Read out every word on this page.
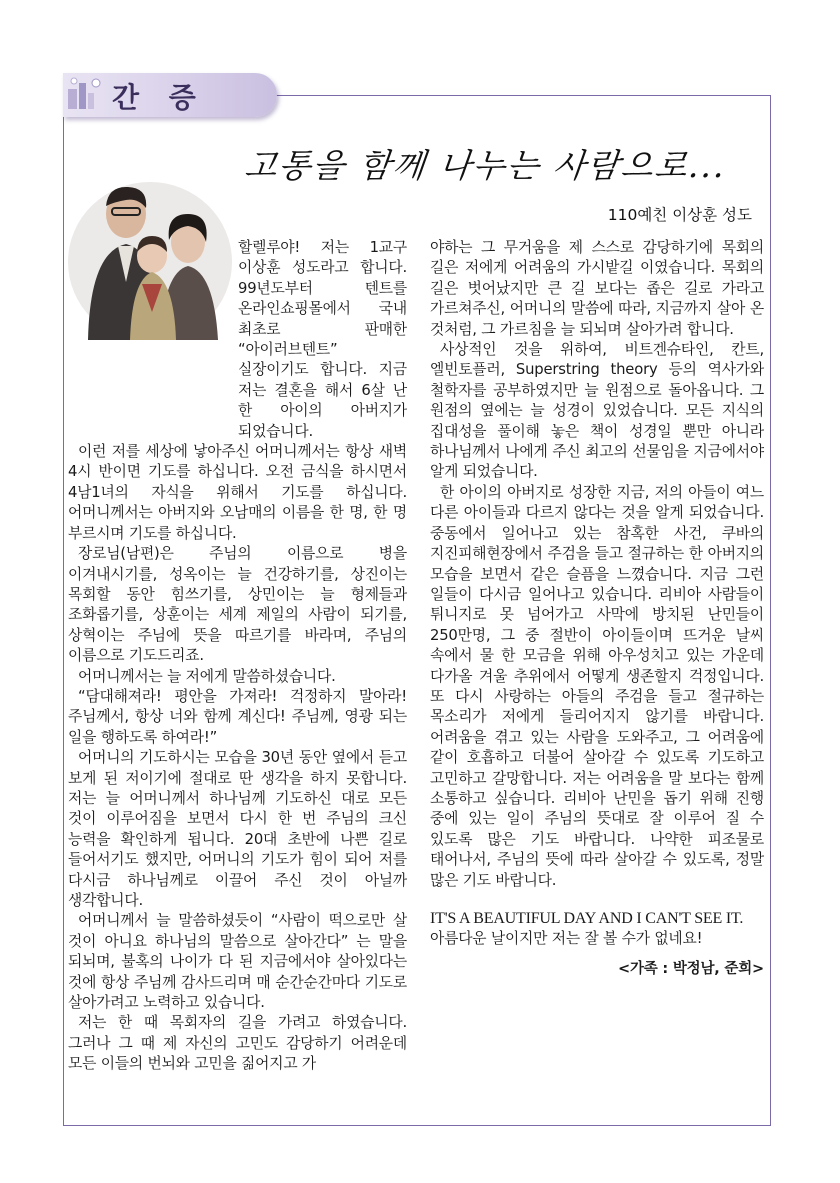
간 증
고통을 함께 나누는 사람으로...
110예친 이상훈 성도

할렐루야! 저는 1교구 이상훈 성도라고 합니다. 99년도부터 텐트를 온라인쇼핑몰에서 국내 최초로 판매한 “아이러브텐트” 실장이기도 합니다. 지금 저는 결혼을 해서 6살 난 한 아이의 아버지가 되었습니다.

이런 저를 세상에 낳아주신 어머니께서는 항상 새벽 4시 반이면 기도를 하십니다. 오전 금식을 하시면서 4남1녀의 자식을 위해서 기도를 하십니다. 어머니께서는 아버지와 오남매의 이름을 한 명, 한 명 부르시며 기도를 하십니다.

장로님(남편)은 주님의 이름으로 병을 이겨내시기를, 성옥이는 늘 건강하기를, 상진이는 목회할 동안 힘쓰기를, 상민이는 늘 형제들과 조화롭기를, 상훈이는 세계 제일의 사람이 되기를, 상혁이는 주님에 뜻을 따르기를 바라며, 주님의 이름으로 기도드리죠.

어머니께서는 늘 저에게 말씀하셨습니다.

“담대해져라! 평안을 가져라! 걱정하지 말아라! 주님께서, 항상 너와 함께 계신다! 주님께, 영광 되는 일을 행하도록 하여라!”

어머니의 기도하시는 모습을 30년 동안 옆에서 듣고 보게 된 저이기에 절대로 딴 생각을 하지 못합니다. 저는 늘 어머니께서 하나님께 기도하신 대로 모든 것이 이루어짐을 보면서 다시 한 번 주님의 크신 능력을 확인하게 됩니다. 20대 초반에 나쁜 길로 들어서기도 했지만, 어머니의 기도가 힘이 되어 저를 다시금 하나님께로 이끌어 주신 것이 아닐까 생각합니다.

어머니께서 늘 말씀하셨듯이 “사람이 떡으로만 살 것이 아니요 하나님의 말씀으로 살아간다” 는 말을 되뇌며, 불혹의 나이가 다 된 지금에서야 살아있다는 것에 항상 주님께 감사드리며 매 순간순간마다 기도로 살아가려고 노력하고 있습니다.

저는 한 때 목회자의 길을 가려고 하였습니다. 그러나 그 때 제 자신의 고민도 감당하기 어려운데 모든 이들의 번뇌와 고민을 짊어지고 가

야하는 그 무거움을 제 스스로 감당하기에 목회의 길은 저에게 어려움의 가시밭길 이였습니다. 목회의 길은 벗어났지만 큰 길 보다는 좁은 길로 가라고 가르쳐주신, 어머니의 말씀에 따라, 지금까지 살아 온 것처럼, 그 가르침을 늘 되뇌며 살아가려 합니다.

사상적인 것을 위하여, 비트겐슈타인, 칸트, 엘빈토플러, Superstring theory 등의 역사가와 철학자를 공부하였지만 늘 원점으로 돌아옵니다. 그 원점의 옆에는 늘 성경이 있었습니다. 모든 지식의 집대성을 풀이해 놓은 책이 성경일 뿐만 아니라 하나님께서 나에게 주신 최고의 선물임을 지금에서야 알게 되었습니다.

한 아이의 아버지로 성장한 지금, 저의 아들이 여느 다른 아이들과 다르지 않다는 것을 알게 되었습니다. 중동에서 일어나고 있는 참혹한 사건, 쿠바의 지진피해현장에서 주검을 들고 절규하는 한 아버지의 모습을 보면서 같은 슬픔을 느꼈습니다. 지금 그런 일들이 다시금 일어나고 있습니다. 리비아 사람들이 튀니지로 못 넘어가고 사막에 방치된 난민들이 250만명, 그 중 절반이 아이들이며 뜨거운 날씨 속에서 물 한 모금을 위해 아우성치고 있는 가운데 다가올 겨울 추위에서 어떻게 생존할지 걱정입니다. 또 다시 사랑하는 아들의 주검을 들고 절규하는 목소리가 저에게 들리어지지 않기를 바랍니다. 어려움을 겪고 있는 사람을 도와주고, 그 어려움에 같이 호흡하고 더불어 살아갈 수 있도록 기도하고 고민하고 갈망합니다. 저는 어려움을 말 보다는 함께 소통하고 싶습니다. 리비아 난민을 돕기 위해 진행 중에 있는 일이 주님의 뜻대로 잘 이루어 질 수 있도록 많은 기도 바랍니다. 나약한 피조물로 태어나서, 주님의 뜻에 따라 살아갈 수 있도록, 정말 많은 기도 바랍니다.

IT'S A BEAUTIFUL DAY AND I CAN'T SEE IT.

아름다운 날이지만 저는 잘 볼 수가 없네요!

<가족 : 박정남, 준희>
